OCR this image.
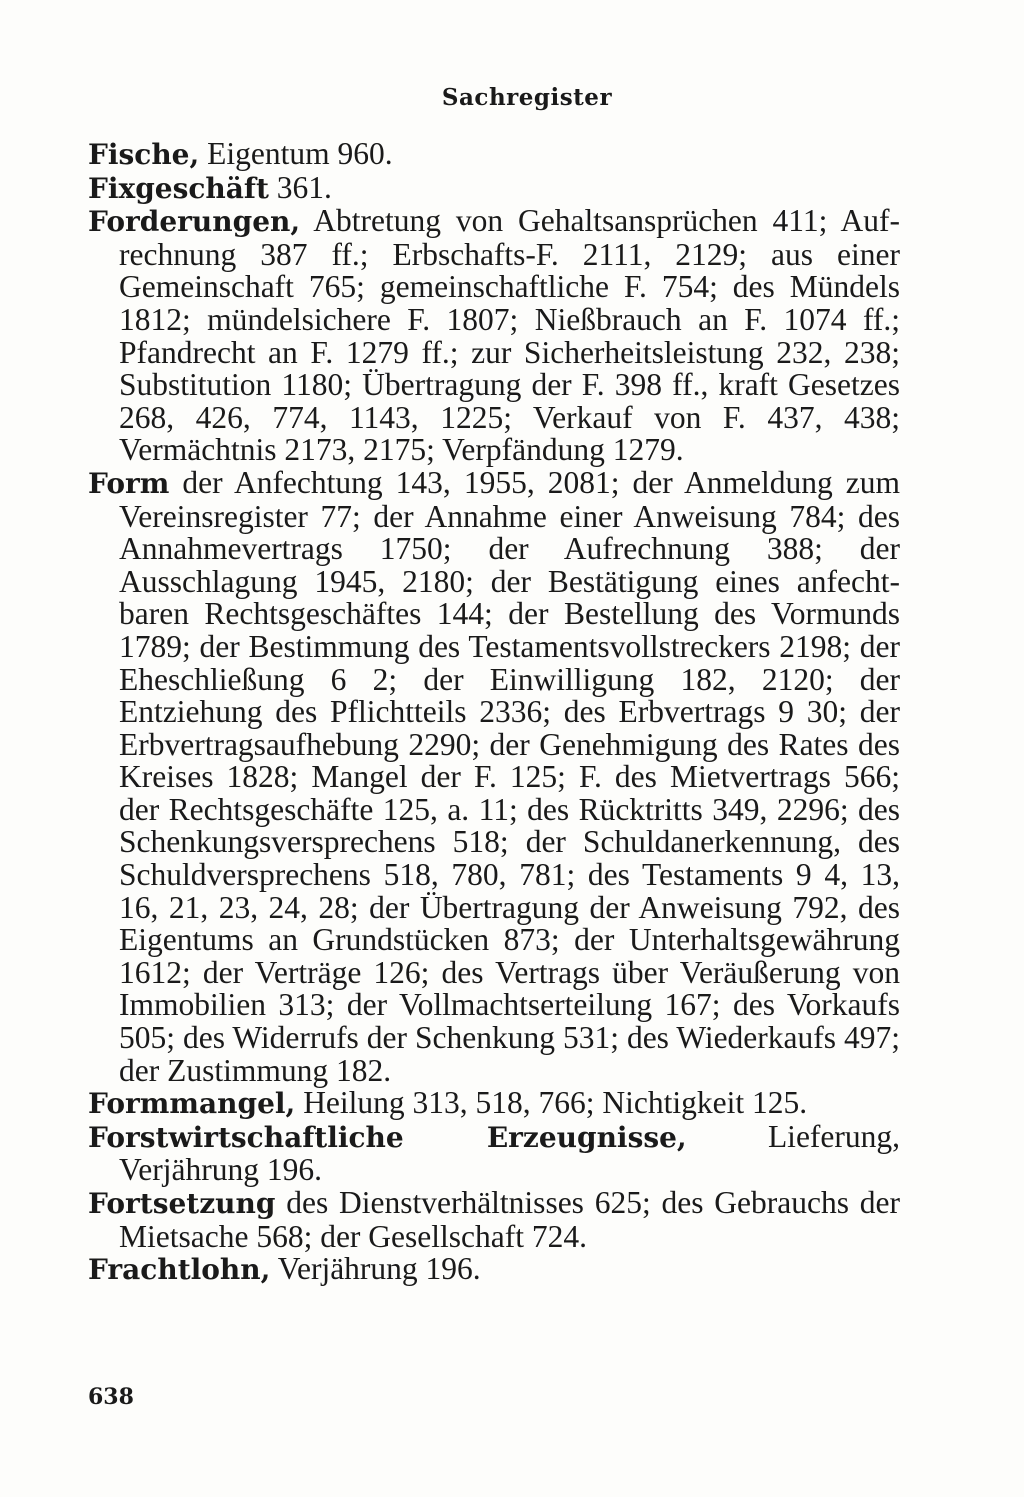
Sachregister

Fische, Eigentum 960.

Fixgeschäft 361.

Forderungen, Abtretung von Gehaltsansprüchen 411; Aufrechnung 387 ff.; Erbschafts-F. 2111, 2129; aus einer Gemeinschaft 765; gemeinschaftliche F. 754; des Mündels 1812; mündelsichere F. 1807; Nießbrauch an F. 1074 ff.; Pfandrecht an F. 1279 ff.; zur Sicherheitsleistung 232, 238; Substitution 1180; Übertragung der F. 398 ff., kraft Gesetzes 268, 426, 774, 1143, 1225; Verkauf von F. 437, 438; Vermächtnis 2173, 2175; Verpfändung 1279.

Form der Anfechtung 143, 1955, 2081; der Anmeldung zum Vereinsregister 77; der Annahme einer Anweisung 784; des Annahmevertrags 1750; der Aufrechnung 388; der Ausschlagung 1945, 2180; der Bestätigung eines anfechtbaren Rechtsgeschäftes 144; der Bestellung des Vormunds 1789; der Bestimmung des Testamentsvollstreckers 2198; der Eheschließung 6 2; der Einwilligung 182, 2120; der Entziehung des Pflichtteils 2336; des Erbvertrags 9 30; der Erbvertragsaufhebung 2290; der Genehmigung des Rates des Kreises 1828; Mangel der F. 125; F. des Mietvertrags 566; der Rechtsgeschäfte 125, a. 11; des Rücktritts 349, 2296; des Schenkungsversprechens 518; der Schuldanerkennung, des Schuldversprechens 518, 780, 781; des Testaments 9 4, 13, 16, 21, 23, 24, 28; der Übertragung der Anweisung 792, des Eigentums an Grundstücken 873; der Unterhaltsgewährung 1612; der Verträge 126; des Vertrags über Veräußerung von Immobilien 313; der Vollmachtserteilung 167; des Vorkaufs 505; des Widerrufs der Schenkung 531; des Wiederkaufs 497; der Zustimmung 182.

Formmangel, Heilung 313, 518, 766; Nichtigkeit 125.

Forstwirtschaftliche Erzeugnisse, Lieferung, Verjährung 196.

Fortsetzung des Dienstverhältnisses 625; des Gebrauchs der Mietsache 568; der Gesellschaft 724.

Frachtlohn, Verjährung 196.

638
